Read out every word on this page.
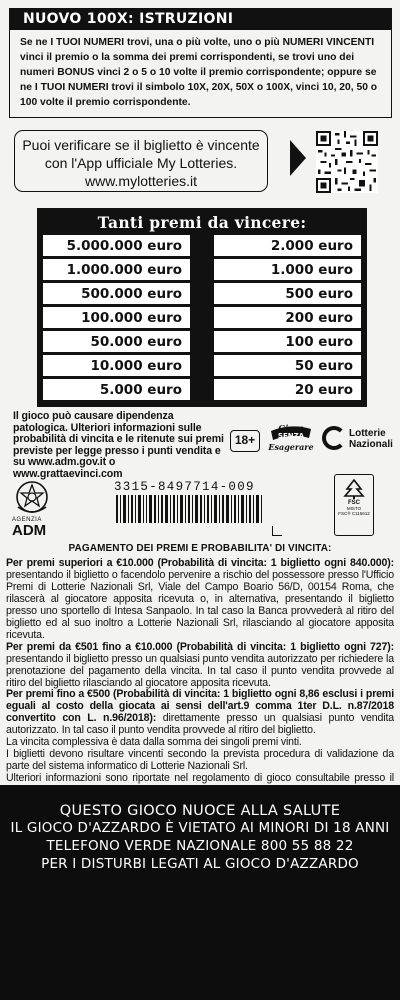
NUOVO 100X: ISTRUZIONI
Se ne I TUOI NUMERI trovi, una o più volte, uno o più NUMERI VINCENTI vinci il premio o la somma dei premi corrispondenti, se trovi uno dei numeri BONUS vinci 2 o 5 o 10 volte il premio corrispondente; oppure se ne I TUOI NUMERI trovi il simbolo 10X, 20X, 50X o 100X, vinci 10, 20, 50 o 100 volte il premio corrispondente.
Puoi verificare se il biglietto è vincente
con l'App ufficiale My Lotteries.
www.mylotteries.it
Tanti premi da vincere:
5.000.000 euro	2.000 euro
1.000.000 euro	1.000 euro
500.000 euro	500 euro
100.000 euro	200 euro
50.000 euro	100 euro
10.000 euro	50 euro
5.000 euro	20 euro
Il gioco può causare dipendenza patologica. Ulteriori informazioni sulle probabilità di vincita e le ritenute sui premi previste per legge presso i punti vendita e su www.adm.gov.it o www.grattaevinci.com
18+
Gioca
SENZA
Esagerare
Lotterie
Nazionali
AGENZIA
ADM
3315-8497714-009
FSC
MISTO
FSC® C115612
PAGAMENTO DEI PREMI E PROBABILITA' DI VINCITA:

Per premi superiori a €10.000 (Probabilità di vincita: 1 biglietto ogni 840.000): presentando il biglietto o facendolo pervenire a rischio del possessore presso l'Ufficio Premi di Lotterie Nazionali Srl, Viale del Campo Boario 56/D, 00154 Roma, che rilascerà al giocatore apposita ricevuta o, in alternativa, presentando il biglietto presso uno sportello di Intesa Sanpaolo. In tal caso la Banca provvederà al ritiro del biglietto ed al suo inoltro a Lotterie Nazionali Srl, rilasciando al giocatore apposita ricevuta.

Per premi da €501 fino a €10.000 (Probabilità di vincita: 1 biglietto ogni 727): presentando il biglietto presso un qualsiasi punto vendita autorizzato per richiedere la prenotazione del pagamento della vincita. In tal caso il punto vendita provvede al ritiro del biglietto rilasciando al giocatore apposita ricevuta.

Per premi fino a €500 (Probabilità di vincita: 1 biglietto ogni 8,86 esclusi i premi eguali al costo della giocata ai sensi dell'art.9 comma 1ter D.L. n.87/2018 convertito con L. n.96/2018): direttamente presso un qualsiasi punto vendita autorizzato. In tal caso il punto vendita provvede al ritiro del biglietto.

La vincita complessiva è data dalla somma dei singoli premi vinti.

I biglietti devono risultare vincenti secondo la prevista procedura di validazione da parte del sistema informatico di Lotterie Nazionali Srl.

Ulteriori informazioni sono riportate nel regolamento di gioco consultabile presso il

QUESTO GIOCO NUOCE ALLA SALUTE
IL GIOCO D'AZZARDO È VIETATO AI MINORI DI 18 ANNI
TELEFONO VERDE NAZIONALE 800 55 88 22
PER I DISTURBI LEGATI AL GIOCO D'AZZARDO
